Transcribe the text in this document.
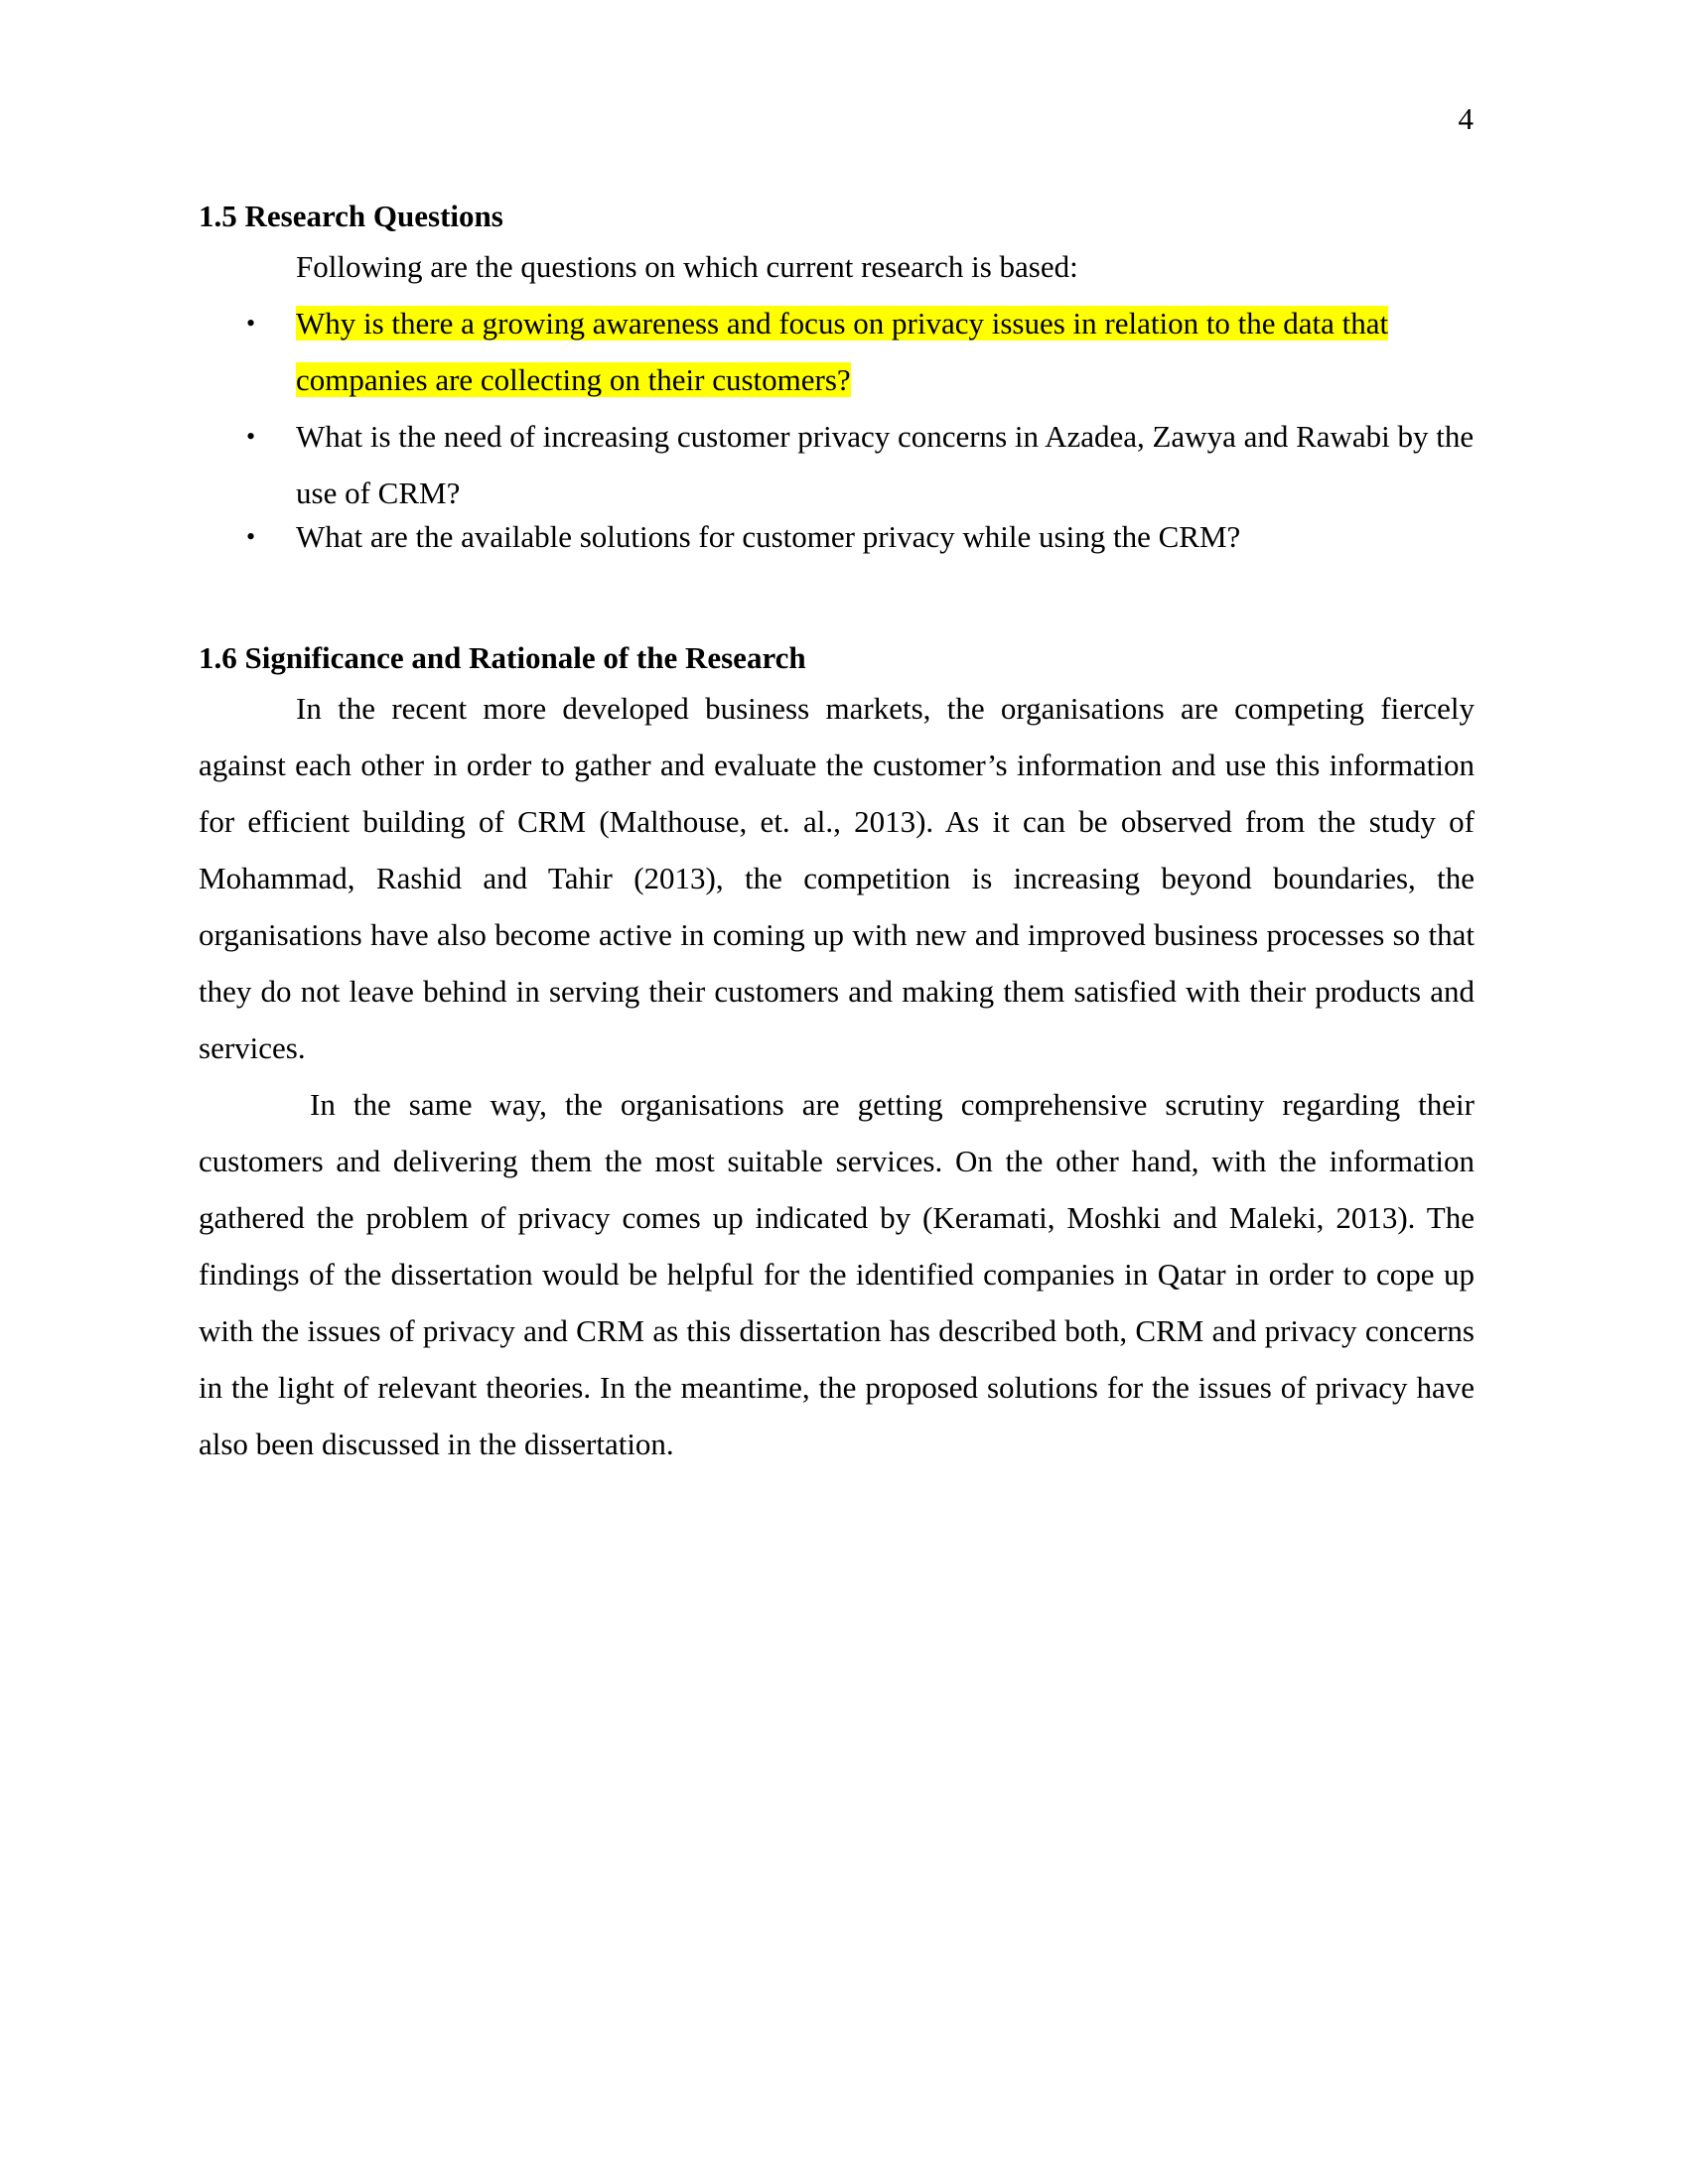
4
1.5 Research Questions

Following are the questions on which current research is based:

• Why is there a growing awareness and focus on privacy issues in relation to the data that companies are collecting on their customers?
• What is the need of increasing customer privacy concerns in Azadea, Zawya and Rawabi by the use of CRM?
• What are the available solutions for customer privacy while using the CRM?
1.6 Significance and Rationale of the Research

In the recent more developed business markets, the organisations are competing fiercely against each other in order to gather and evaluate the customer’s information and use this information for efficient building of CRM (Malthouse, et. al., 2013). As it can be observed from the study of Mohammad, Rashid and Tahir (2013), the competition is increasing beyond boundaries, the organisations have also become active in coming up with new and improved business processes so that they do not leave behind in serving their customers and making them satisfied with their products and services.

In the same way, the organisations are getting comprehensive scrutiny regarding their customers and delivering them the most suitable services. On the other hand, with the information gathered the problem of privacy comes up indicated by (Keramati, Moshki and Maleki, 2013). The findings of the dissertation would be helpful for the identified companies in Qatar in order to cope up with the issues of privacy and CRM as this dissertation has described both, CRM and privacy concerns in the light of relevant theories. In the meantime, the proposed solutions for the issues of privacy have also been discussed in the dissertation.
